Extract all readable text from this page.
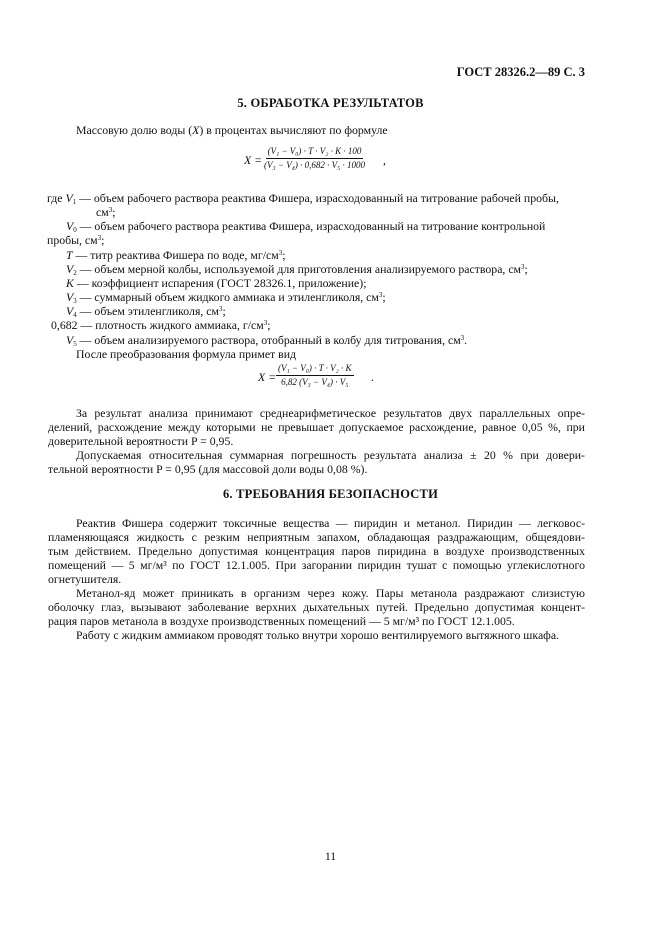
ГОСТ 28326.2—89 С. 3
5. ОБРАБОТКА РЕЗУЛЬТАТОВ
Массовую долю воды (X) в процентах вычисляют по формуле
$X = \frac{\text{(V₁ − V₀) · T · V₂ · K · 100}}{\text{(V₃ − V₄) · 0,682 · V₅ · 1000}}$ ,
где $V_1$ — объем рабочего раствора реактива Фишера, израсходованный на титрование рабочей пробы,
$см^3$;
$V_0$ — объем рабочего раствора реактива Фишера, израсходованный на титрование контрольной
пробы, $см^3$;
T — титр реактива Фишера по воде, $мг/см^3$;
$V_2$ — объем мерной колбы, используемой для приготовления анализируемого раствора, $см^3$;
K — коэффициент испарения (ГОСТ 28326.1, приложение);
$V_3$ — суммарный объем жидкого аммиака и этиленгликоля, $см^3$;
$V_4$ — объем этиленгликоля, $см^3$;
0,682 — плотность жидкого аммиака, $г/см^3$;
$V_5$ — объем анализируемого раствора, отобранный в колбу для титрования, $см^3$.
После преобразования формула примет вид
$X = \frac{\text{(V₁ − V₀) · T · V₂ · K}}{\text{6,82 (V₃ − V₄) · V₅}}$ .
За результат анализа принимают среднеарифметическое результатов двух параллельных опре-
делений, расхождение между которыми не превышает допускаемое расхождение, равное 0,05 %, при
доверительной вероятности P = 0,95.
Допускаемая относительная суммарная погрешность результата анализа ± 20 % при довери-
тельной вероятности P = 0,95 (для массовой доли воды 0,08 %).
6. ТРЕБОВАНИЯ БЕЗОПАСНОСТИ
Реактив Фишера содержит токсичные вещества — пиридин и метанол. Пиридин — легковос-
пламеняющаяся жидкость с резким неприятным запахом, обладающая раздражающим, общеядови-
тым действием. Предельно допустимая концентрация паров пиридина в воздухе производственных
помещений — 5 мг/м³ по ГОСТ 12.1.005. При загорании пиридин тушат с помощью углекислотного
огнетушителя.
Метанол-яд может приникать в организм через кожу. Пары метанола раздражают слизистую
оболочку глаз, вызывают заболевание верхних дыхательных путей. Предельно допустимая концент-
рация паров метанола в воздухе производственных помещений — 5 мг/м³ по ГОСТ 12.1.005.
Работу с жидким аммиаком проводят только внутри хорошо вентилируемого вытяжного шкафа.
11
